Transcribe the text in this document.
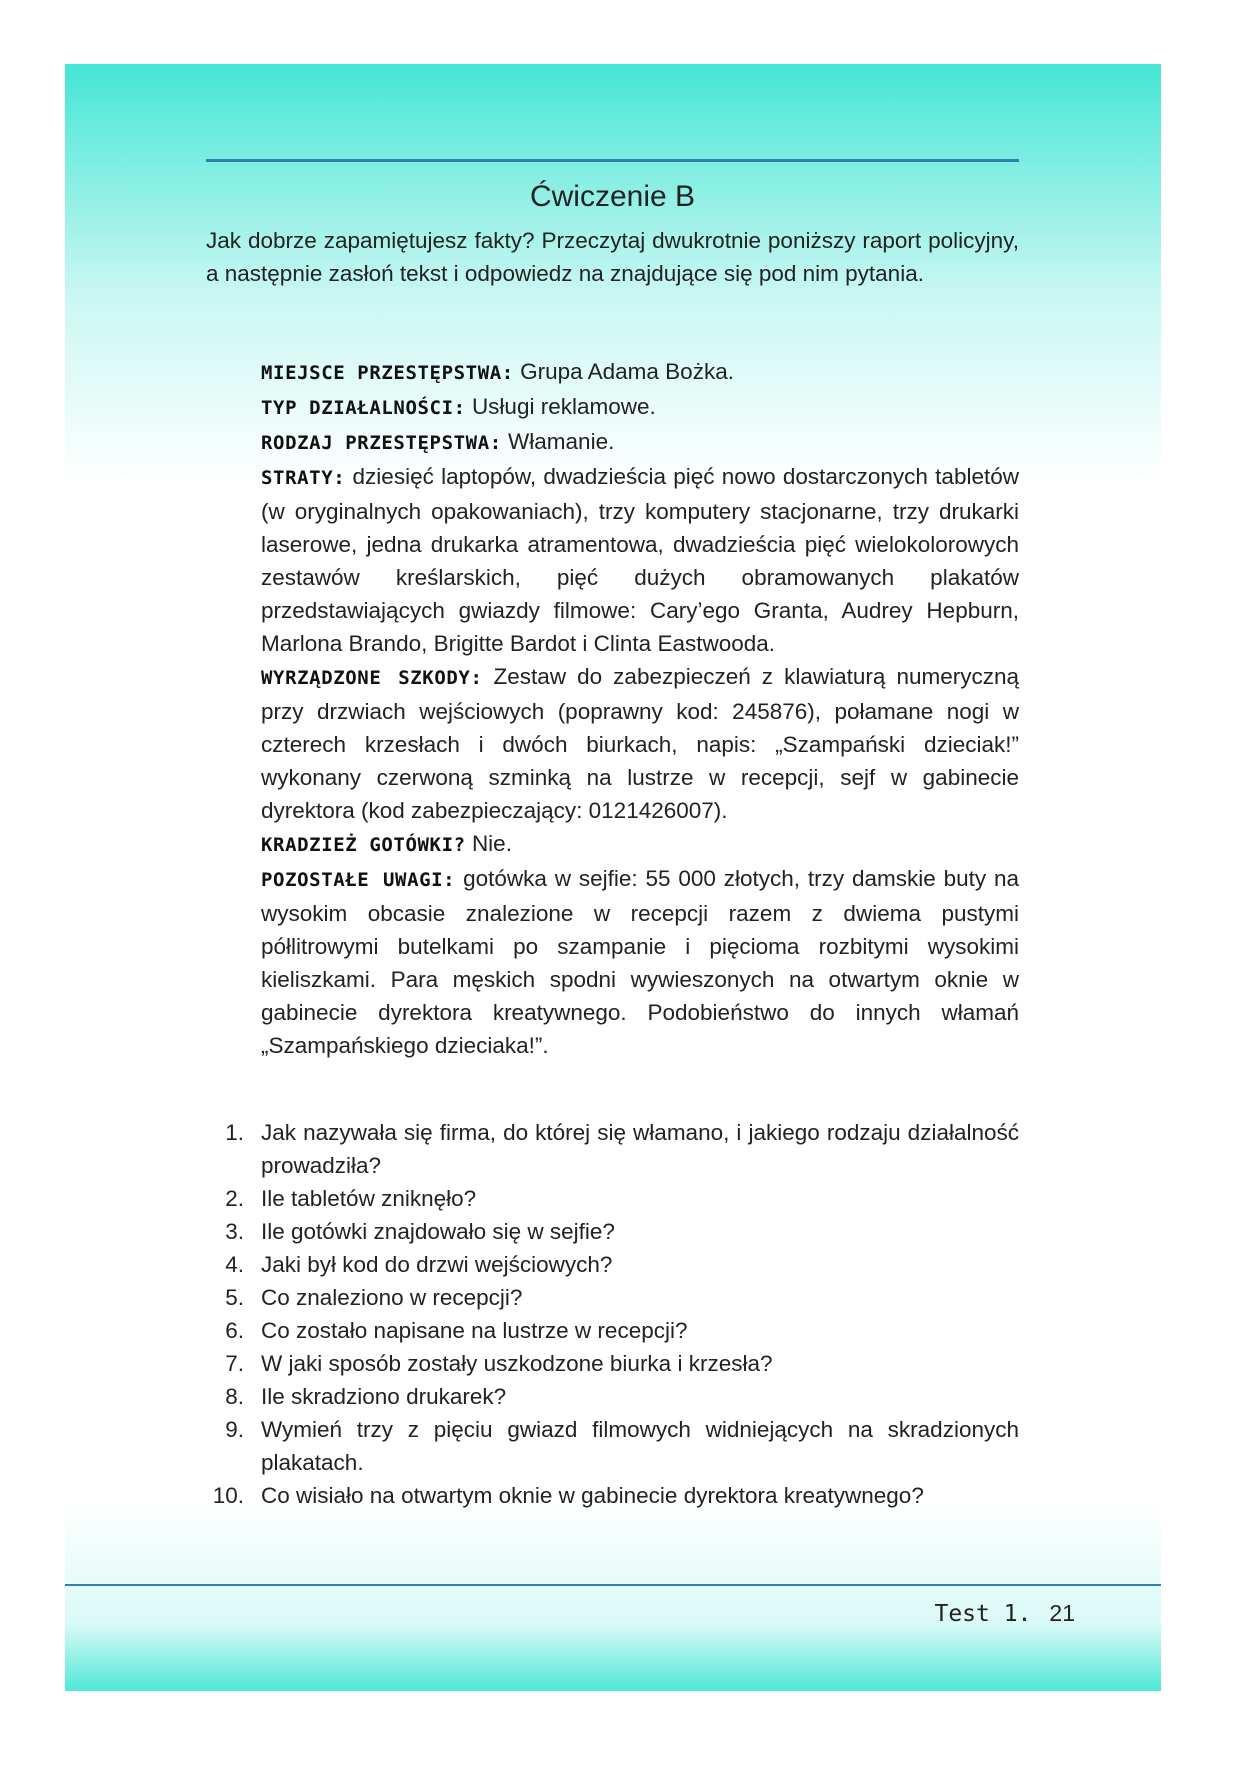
Ćwiczenie B

Jak dobrze zapamiętujesz fakty? Przeczytaj dwukrotnie poniższy raport policyjny, a następnie zasłoń tekst i odpowiedz na znajdujące się pod nim pytania.

MIEJSCE PRZESTĘPSTWA: Grupa Adama Bożka.

TYP DZIAŁALNOŚCI: Usługi reklamowe.

RODZAJ PRZESTĘPSTWA: Włamanie.

STRATY: dziesięć laptopów, dwadzieścia pięć nowo dostarczonych tabletów (w oryginalnych opakowaniach), trzy komputery stacjonarne, trzy drukarki laserowe, jedna drukarka atramentowa, dwadzieścia pięć wielokolorowych zestawów kreślarskich, pięć dużych obramowanych plakatów przedstawiających gwiazdy filmowe: Cary’ego Granta, Audrey Hepburn, Marlona Brando, Brigitte Bardot i Clinta Eastwooda.

WYRZĄDZONE SZKODY: Zestaw do zabezpieczeń z klawiaturą numeryczną przy drzwiach wejściowych (poprawny kod: 245876), połamane nogi w czterech krzesłach i dwóch biurkach, napis: „Szampański dzieciak!” wykonany czerwoną szminką na lustrze w recepcji, sejf w gabinecie dyrektora (kod zabezpieczający: 0121426007).

KRADZIEŻ GOTÓWKI? Nie.

POZOSTAŁE UWAGI: gotówka w sejfie: 55 000 złotych, trzy damskie buty na wysokim obcasie znalezione w recepcji razem z dwiema pustymi półlitrowymi butelkami po szampanie i pięcioma rozbitymi wysokimi kieliszkami. Para męskich spodni wywieszonych na otwartym oknie w gabinecie dyrektora kreatywnego. Podobieństwo do innych włamań „Szampańskiego dzieciaka!”.

1. Jak nazywała się firma, do której się włamano, i jakiego rodzaju działalność prowadziła?
2. Ile tabletów zniknęło?
3. Ile gotówki znajdowało się w sejfie?
4. Jaki był kod do drzwi wejściowych?
5. Co znaleziono w recepcji?
6. Co zostało napisane na lustrze w recepcji?
7. W jaki sposób zostały uszkodzone biurka i krzesła?
8. Ile skradziono drukarek?
9. Wymień trzy z pięciu gwiazd filmowych widniejących na skradzionych plakatach.
10. Co wisiało na otwartym oknie w gabinecie dyrektora kreatywnego?
Test 1. 21
